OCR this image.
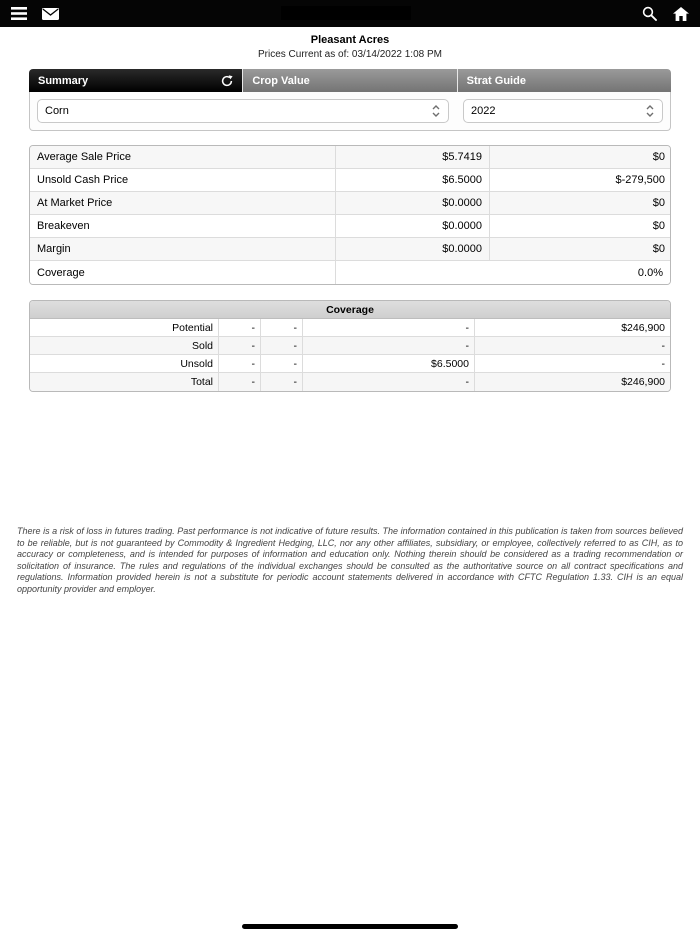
Pleasant Acres
Prices Current as of: 03/14/2022 1:08 PM
Summary	Crop Value	Strat Guide
Corn	2022
Average Sale Price	$5.7419	$0
Unsold Cash Price	$6.5000	$-279,500
At Market Price	$0.0000	$0
Breakeven	$0.0000	$0
Margin	$0.0000	$0
Coverage	0.0%
Coverage
Potential	-	-	-	$246,900
Sold	-	-	-	-
Unsold	-	-	$6.5000	-
Total	-	-	-	$246,900
There is a risk of loss in futures trading. Past performance is not indicative of future results. The information contained in this publication is taken from sources believed to be reliable, but is not guaranteed by Commodity & Ingredient Hedging, LLC, nor any other affiliates, subsidiary, or employee, collectively referred to as CIH, as to accuracy or completeness, and is intended for purposes of information and education only. Nothing therein should be considered as a trading recommendation or solicitation of insurance. The rules and regulations of the individual exchanges should be consulted as the authoritative source on all contract specifications and regulations. Information provided herein is not a substitute for periodic account statements delivered in accordance with CFTC Regulation 1.33. CIH is an equal opportunity provider and employer.
